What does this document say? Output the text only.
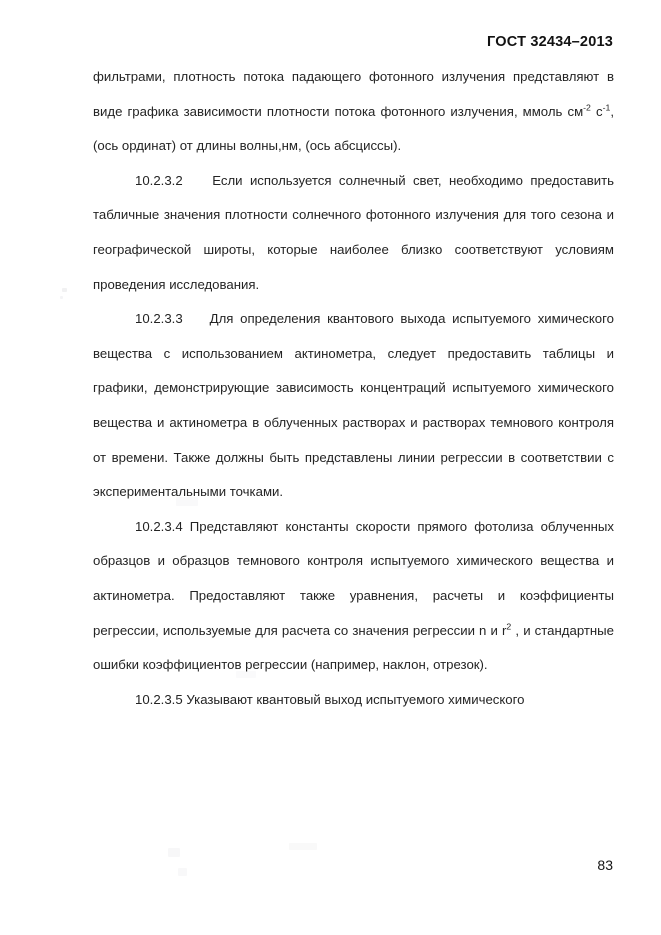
ГОСТ 32434–2013

фильтрами, плотность потока падающего фотонного излучения представляют в виде графика зависимости плотности потока фотонного излучения, ммоль $см^{-2}$ $с^{-1}$, (ось ординат) от длины волны,нм, (ось абсциссы).

10.2.3.2 Если используется солнечный свет, необходимо предоставить табличные значения плотности солнечного фотонного излучения для того сезона и географической широты, которые наиболее близко соответствуют условиям проведения исследования.

10.2.3.3 Для определения квантового выхода испытуемого химического вещества с использованием актинометра, следует предоставить таблицы и графики, демонстрирующие зависимость концентраций испытуемого химического вещества и актинометра в облученных растворах и растворах темнового контроля от времени. Также должны быть представлены линии регрессии в соответствии с экспериментальными точками.

10.2.3.4 Представляют константы скорости прямого фотолиза облученных образцов и образцов темнового контроля испытуемого химического вещества и актинометра. Предоставляют также уравнения, расчеты и коэффициенты регрессии, используемые для расчета со значения регрессии n и $r^2$ , и стандартные ошибки коэффициентов регрессии (например, наклон, отрезок).

10.2.3.5 Указывают квантовый выход испытуемого химического

83
